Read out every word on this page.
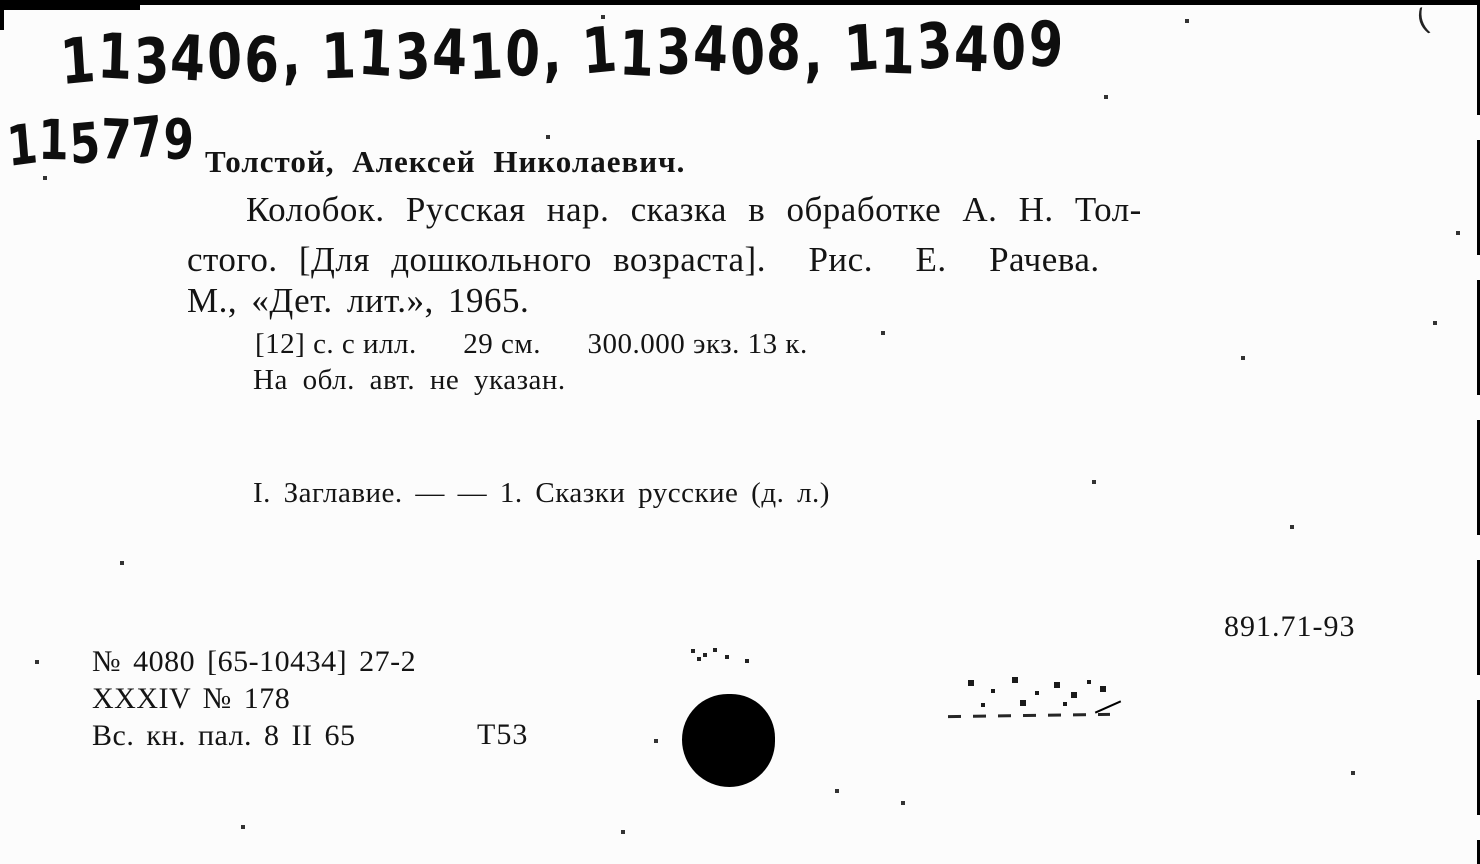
(
113406, 113410, 113408, 113409
115779 Толстой, Алексей Николаевич.
Колобок. Русская нар. сказка в обработке А. Н. Тол-
стого. [Для дошкольного возраста].  Рис.  Е.  Рачева.
М., «Дет. лит.», 1965.
[12] с. с илл.      29 см.      300.000 экз. 13 к.
На обл. авт. не указан.
I. Заглавие. — — 1. Сказки русские (д. л.)
891.71-93
№ 4080 [65-10434] 27-2
XXXIV № 178
Вс. кн. пал. 8 II 65	Т53
